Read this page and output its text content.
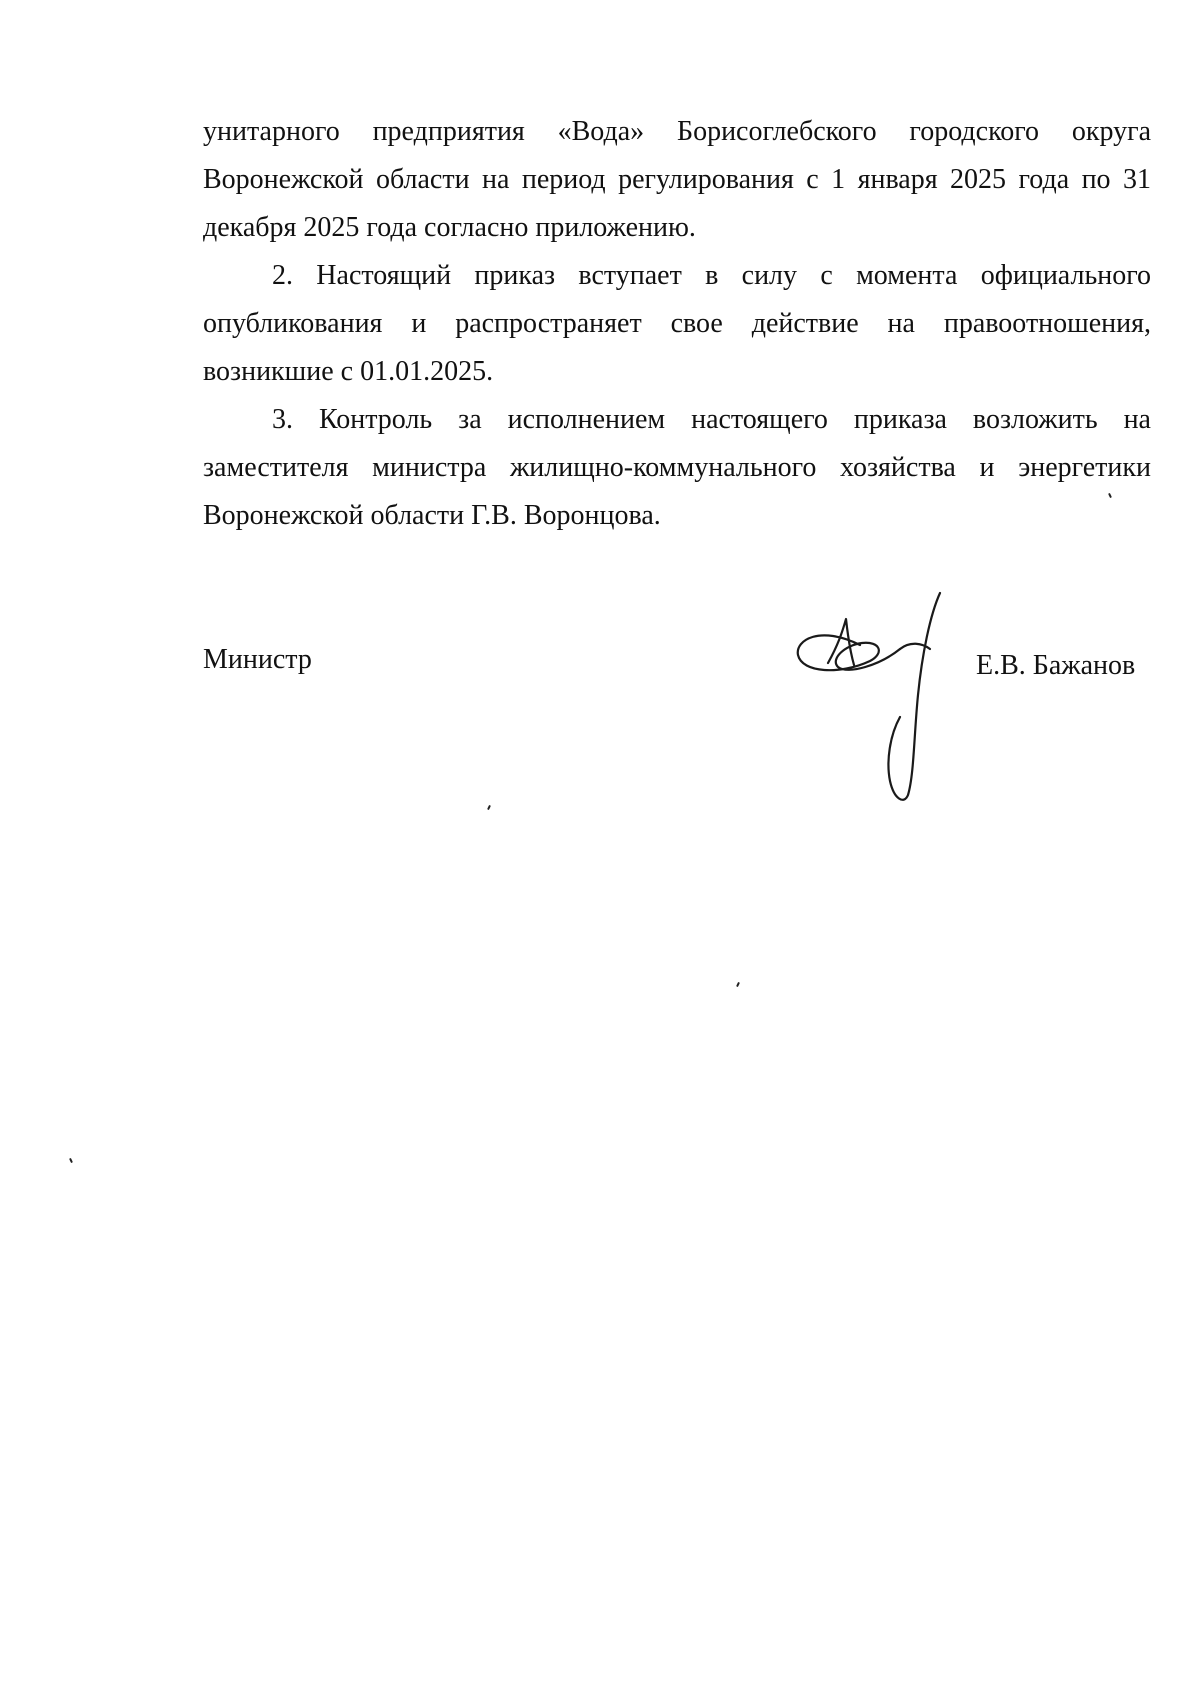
унитарного предприятия «Вода» Борисоглебского городского округа Воронежской области на период регулирования с 1 января 2025 года по 31 декабря 2025 года согласно приложению.

2. Настоящий приказ вступает в силу с момента официального опубликования и распространяет свое действие на правоотношения, возникшие с 01.01.2025.

3. Контроль за исполнением настоящего приказа возложить на заместителя министра жилищно-коммунального хозяйства и энергетики Воронежской области Г.В. Воронцова.

Министр	Е.В. Бажанов
